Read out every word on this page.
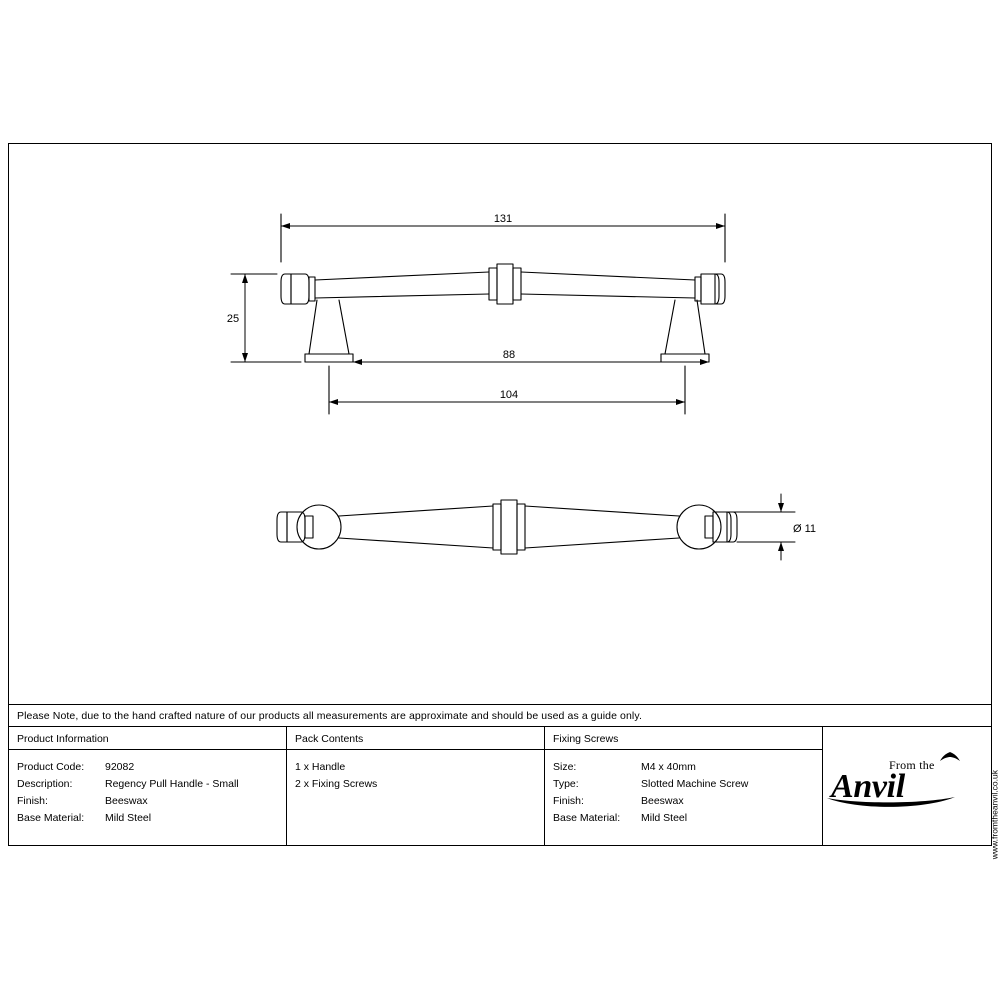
131
25
88
104
Ø 11
Please Note, due to the hand crafted nature of our products all measurements are approximate and should be used as a guide only.
Product Information
Product Code:	92082
Description:	Regency Pull Handle - Small
Finish:	Beeswax
Base Material:	Mild Steel
Pack Contents
1 x Handle
2 x Fixing Screws
Fixing Screws
Size:	M4 x 40mm
Type:	Slotted Machine Screw
Finish:	Beeswax
Base Material:	Mild Steel
From the
Anvil	www.fromtheanvil.co.uk
